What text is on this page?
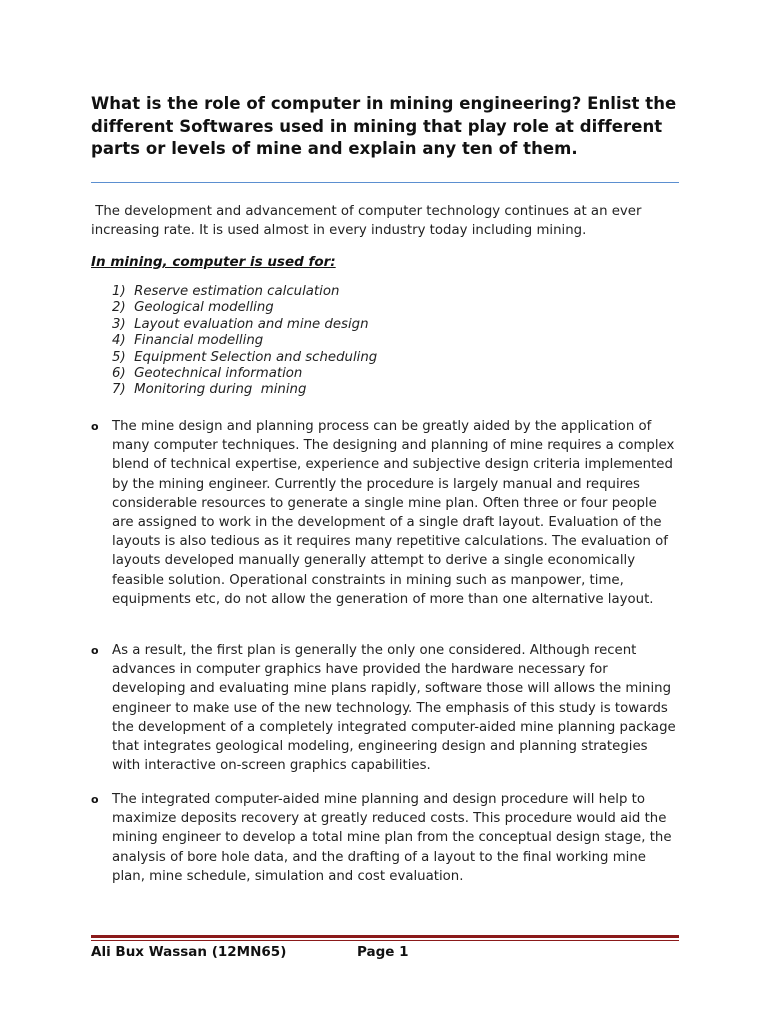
What is the role of computer in mining engineering? Enlist the different Softwares used in mining that play role at different parts or levels of mine and explain any ten of them.

The development and advancement of computer technology continues at an ever increasing rate. It is used almost in every industry today including mining.

In mining, computer is used for:

1)  Reserve estimation calculation
2)  Geological modelling
3)  Layout evaluation and mine design
4)  Financial modelling
5)  Equipment Selection and scheduling
6)  Geotechnical information
7)  Monitoring during  mining
o The mine design and planning process can be greatly aided by the application of many computer techniques. The designing and planning of mine requires a complex blend of technical expertise, experience and subjective design criteria implemented by the mining engineer. Currently the procedure is largely manual and requires considerable resources to generate a single mine plan. Often three or four people are assigned to work in the development of a single draft layout. Evaluation of the layouts is also tedious as it requires many repetitive calculations. The evaluation of layouts developed manually generally attempt to derive a single economically feasible solution. Operational constraints in mining such as manpower, time, equipments etc, do not allow the generation of more than one alternative layout.

o As a result, the first plan is generally the only one considered. Although recent advances in computer graphics have provided the hardware necessary for developing and evaluating mine plans rapidly, software those will allows the mining engineer to make use of the new technology. The emphasis of this study is towards the development of a completely integrated computer-aided mine planning package that integrates geological modeling, engineering design and planning strategies with interactive on-screen graphics capabilities.

o The integrated computer-aided mine planning and design procedure will help to maximize deposits recovery at greatly reduced costs. This procedure would aid the mining engineer to develop a total mine plan from the conceptual design stage, the analysis of bore hole data, and the drafting of a layout to the final working mine plan, mine schedule, simulation and cost evaluation.

Ali Bux Wassan (12MN65)	Page 1
